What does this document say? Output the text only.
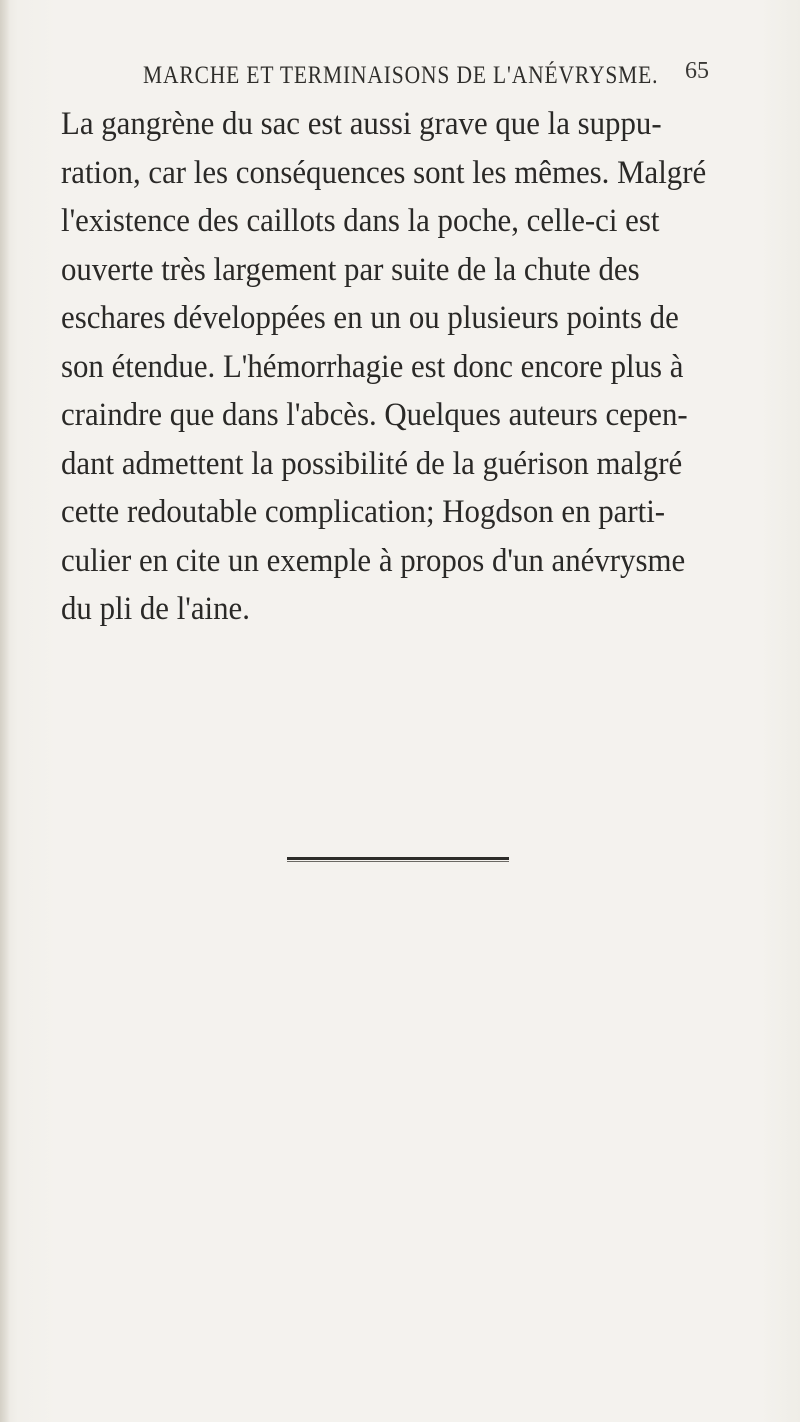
MARCHE ET TERMINAISONS DE L'ANÉVRYSME. 65
La gangrène du sac est aussi grave que la suppu-
ration, car les conséquences sont les mêmes. Malgré
l'existence des caillots dans la poche, celle-ci est
ouverte très largement par suite de la chute des
eschares développées en un ou plusieurs points de
son étendue. L'hémorrhagie est donc encore plus à
craindre que dans l'abcès. Quelques auteurs cepen-
dant admettent la possibilité de la guérison malgré
cette redoutable complication; Hogdson en parti-
culier en cite un exemple à propos d'un anévrysme
du pli de l'aine.
